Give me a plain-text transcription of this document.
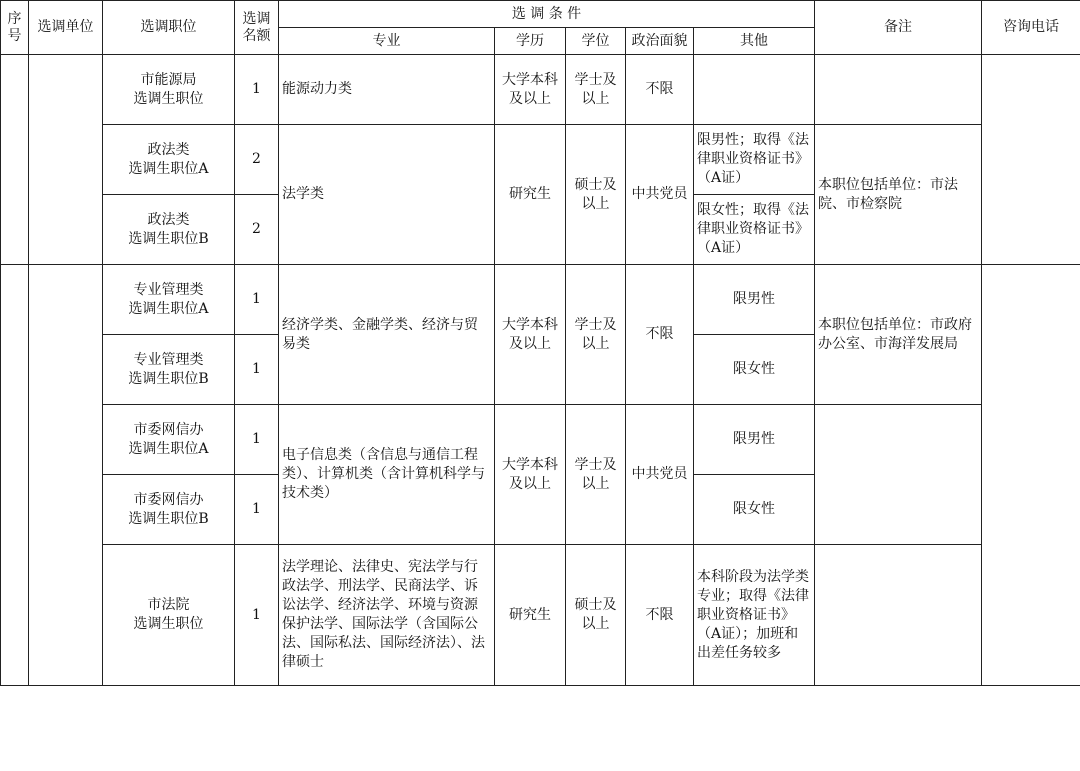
序号	选调单位	选调职位	选调名额	选 调 条 件					备注	咨询电话
				专业	学历	学位	政治面貌	其他		

		市能源局
选调生职位	1	能源动力类	大学本科及以上	学士及以上	不限			

		政法类
选调生职位A	2	法学类	研究生	硕士及以上	中共党员	限男性；取得《法律职业资格证书》（A证）	本职位包括单位：市法院、市检察院	

		政法类
选调生职位B	2					限女性；取得《法律职业资格证书》（A证）		

		专业管理类
选调生职位A	1	经济学类、金融学类、经济与贸易类	大学本科及以上	学士及以上	不限	限男性	本职位包括单位：市政府办公室、市海洋发展局	

		专业管理类
选调生职位B	1					限女性		

		市委网信办
选调生职位A	1	电子信息类（含信息与通信工程类）、计算机类（含计算机科学与技术类）	大学本科及以上	学士及以上	中共党员	限男性		

		市委网信办
选调生职位B	1					限女性		

		市法院
选调生职位	1	法学理论、法律史、宪法学与行政法学、刑法学、民商法学、诉讼法学、经济法学、环境与资源保护法学、国际法学（含国际公法、国际私法、国际经济法）、法律硕士	研究生	硕士及以上	不限	本科阶段为法学类专业；取得《法律职业资格证书》（A证）；加班和出差任务较多		
